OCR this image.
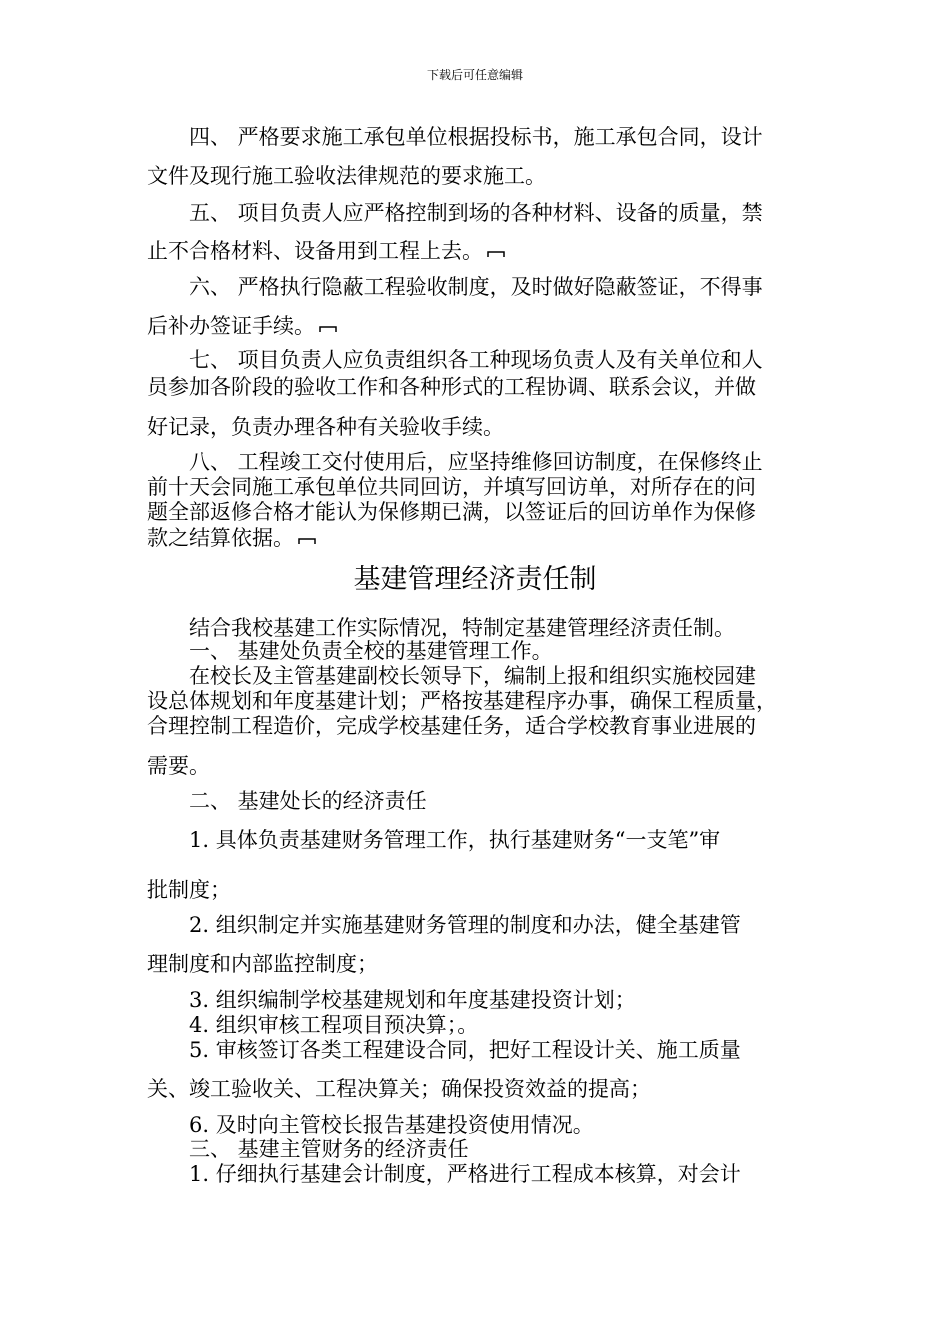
下载后可任意编辑
四、 严格要求施工承包单位根据投标书，施工承包合同，设计
文件及现行施工验收法律规范的要求施工。
五、 项目负责人应严格控制到场的各种材料、设备的质量，禁
止不合格材料、设备用到工程上去。
六、 严格执行隐蔽工程验收制度，及时做好隐蔽签证，不得事
后补办签证手续。
七、 项目负责人应负责组织各工种现场负责人及有关单位和人
员参加各阶段的验收工作和各种形式的工程协调、联系会议，并做
好记录，负责办理各种有关验收手续。
八、 工程竣工交付使用后，应坚持维修回访制度，在保修终止
前十天会同施工承包单位共同回访，并填写回访单，对所存在的问
题全部返修合格才能认为保修期已满，以签证后的回访单作为保修
款之结算依据。
基建管理经济责任制
结合我校基建工作实际情况，特制定基建管理经济责任制。
一、 基建处负责全校的基建管理工作。
在校长及主管基建副校长领导下，编制上报和组织实施校园建
设总体规划和年度基建计划；严格按基建程序办事，确保工程质量，
合理控制工程造价，完成学校基建任务，适合学校教育事业进展的
需要。
二、 基建处长的经济责任
1. 具体负责基建财务管理工作，执行基建财务“一支笔”审
批制度；
2. 组织制定并实施基建财务管理的制度和办法，健全基建管
理制度和内部监控制度；
3. 组织编制学校基建规划和年度基建投资计划；
4. 组织审核工程项目预决算；。
5. 审核签订各类工程建设合同，把好工程设计关、施工质量
关、竣工验收关、工程决算关；确保投资效益的提高；
6. 及时向主管校长报告基建投资使用情况。
三、 基建主管财务的经济责任
1. 仔细执行基建会计制度，严格进行工程成本核算，对会计
